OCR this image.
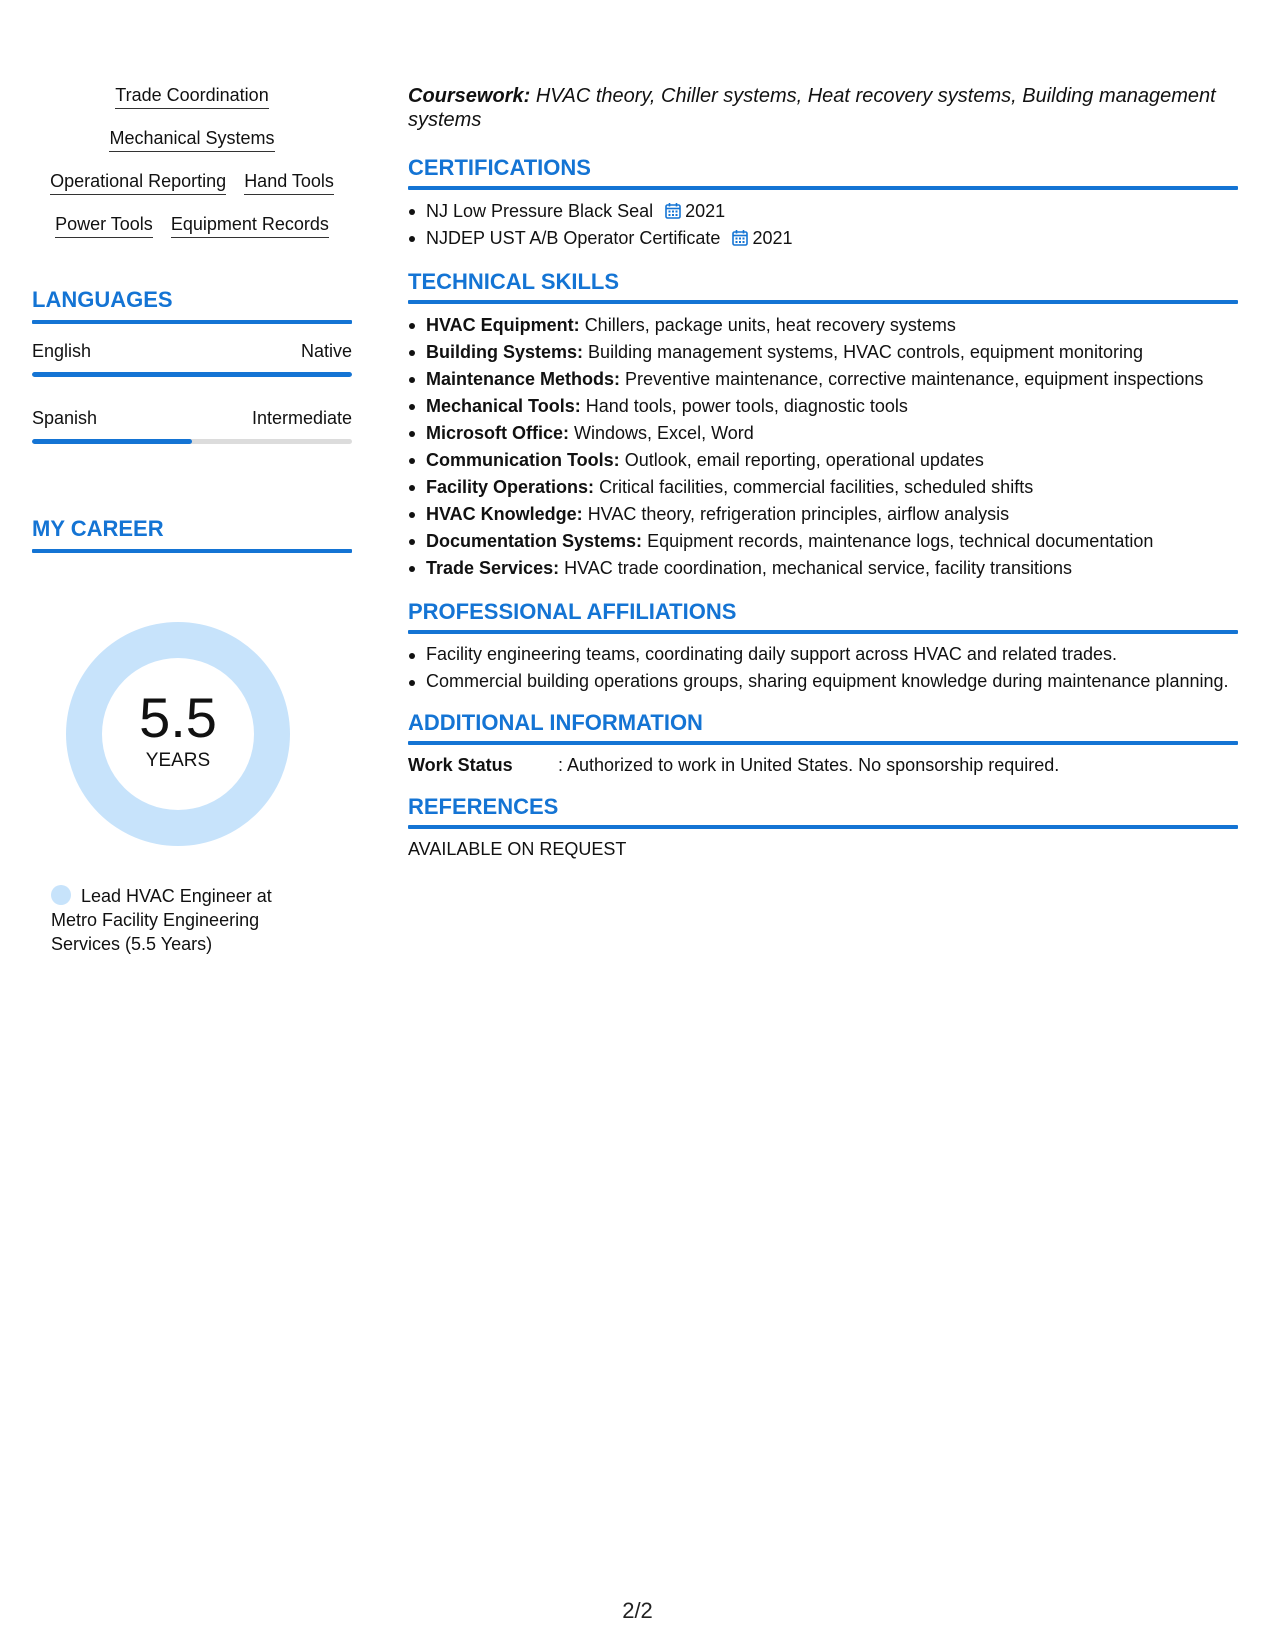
Trade Coordination
Mechanical Systems
Operational Reporting Hand Tools
Power Tools Equipment Records
LANGUAGES
English	Native
Spanish	Intermediate
MY CAREER
5.5
YEARS
Lead HVAC Engineer at Metro Facility Engineering Services (5.5 Years)

Coursework: HVAC theory, Chiller systems, Heat recovery systems, Building management systems

CERTIFICATIONS
NJ Low Pressure Black Seal 2021
NJDEP UST A/B Operator Certificate 2021
TECHNICAL SKILLS
HVAC Equipment: Chillers, package units, heat recovery systems
Building Systems: Building management systems, HVAC controls, equipment monitoring
Maintenance Methods: Preventive maintenance, corrective maintenance, equipment inspections
Mechanical Tools: Hand tools, power tools, diagnostic tools
Microsoft Office: Windows, Excel, Word
Communication Tools: Outlook, email reporting, operational updates
Facility Operations: Critical facilities, commercial facilities, scheduled shifts
HVAC Knowledge: HVAC theory, refrigeration principles, airflow analysis
Documentation Systems: Equipment records, maintenance logs, technical documentation
Trade Services: HVAC trade coordination, mechanical service, facility transitions
PROFESSIONAL AFFILIATIONS
Facility engineering teams, coordinating daily support across HVAC and related trades.
Commercial building operations groups, sharing equipment knowledge during maintenance planning.
ADDITIONAL INFORMATION
Work Status	: Authorized to work in United States. No sponsorship required.
REFERENCES
AVAILABLE ON REQUEST
2/2
